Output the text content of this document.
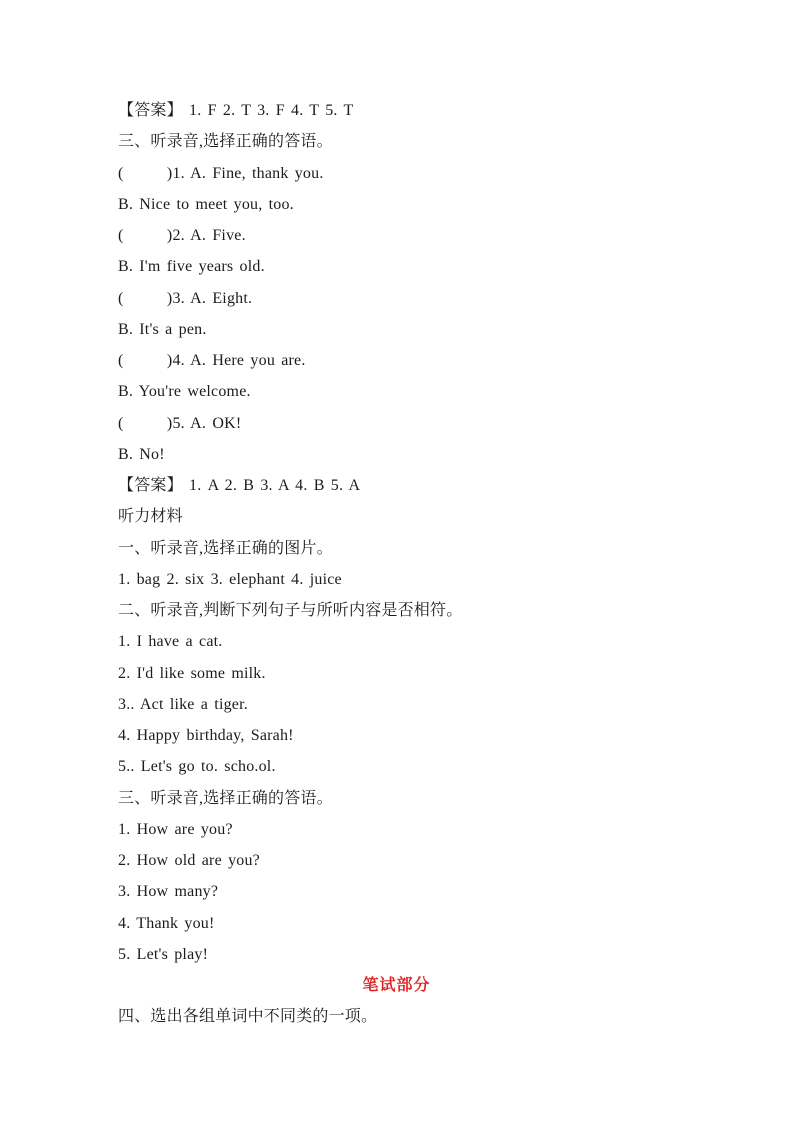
【答案】 1. F 2. T 3. F 4. T 5. T

三、听录音,选择正确的答语。

(       )1. A. Fine, thank you.

B. Nice to meet you, too.

(       )2. A. Five.

B. I'm five years old.

(       )3. A. Eight.

B. It's a pen.

(       )4. A. Here you are.

B. You're welcome.

(       )5. A. OK!

B. No!

【答案】 1. A 2. B 3. A 4. B 5. A

听力材料

一、听录音,选择正确的图片。

1. bag 2. six 3. elephant 4. juice

二、听录音,判断下列句子与所听内容是否相符。

1. I have a cat.

2. I'd like some milk.

3.. Act like a tiger.

4. Happy birthday, Sarah!

5.. Let's go to. scho.ol.

三、听录音,选择正确的答语。

1. How are you?

2. How old are you?

3. How many?

4. Thank you!

5. Let's play!

笔试部分

四、选出各组单词中不同类的一项。
